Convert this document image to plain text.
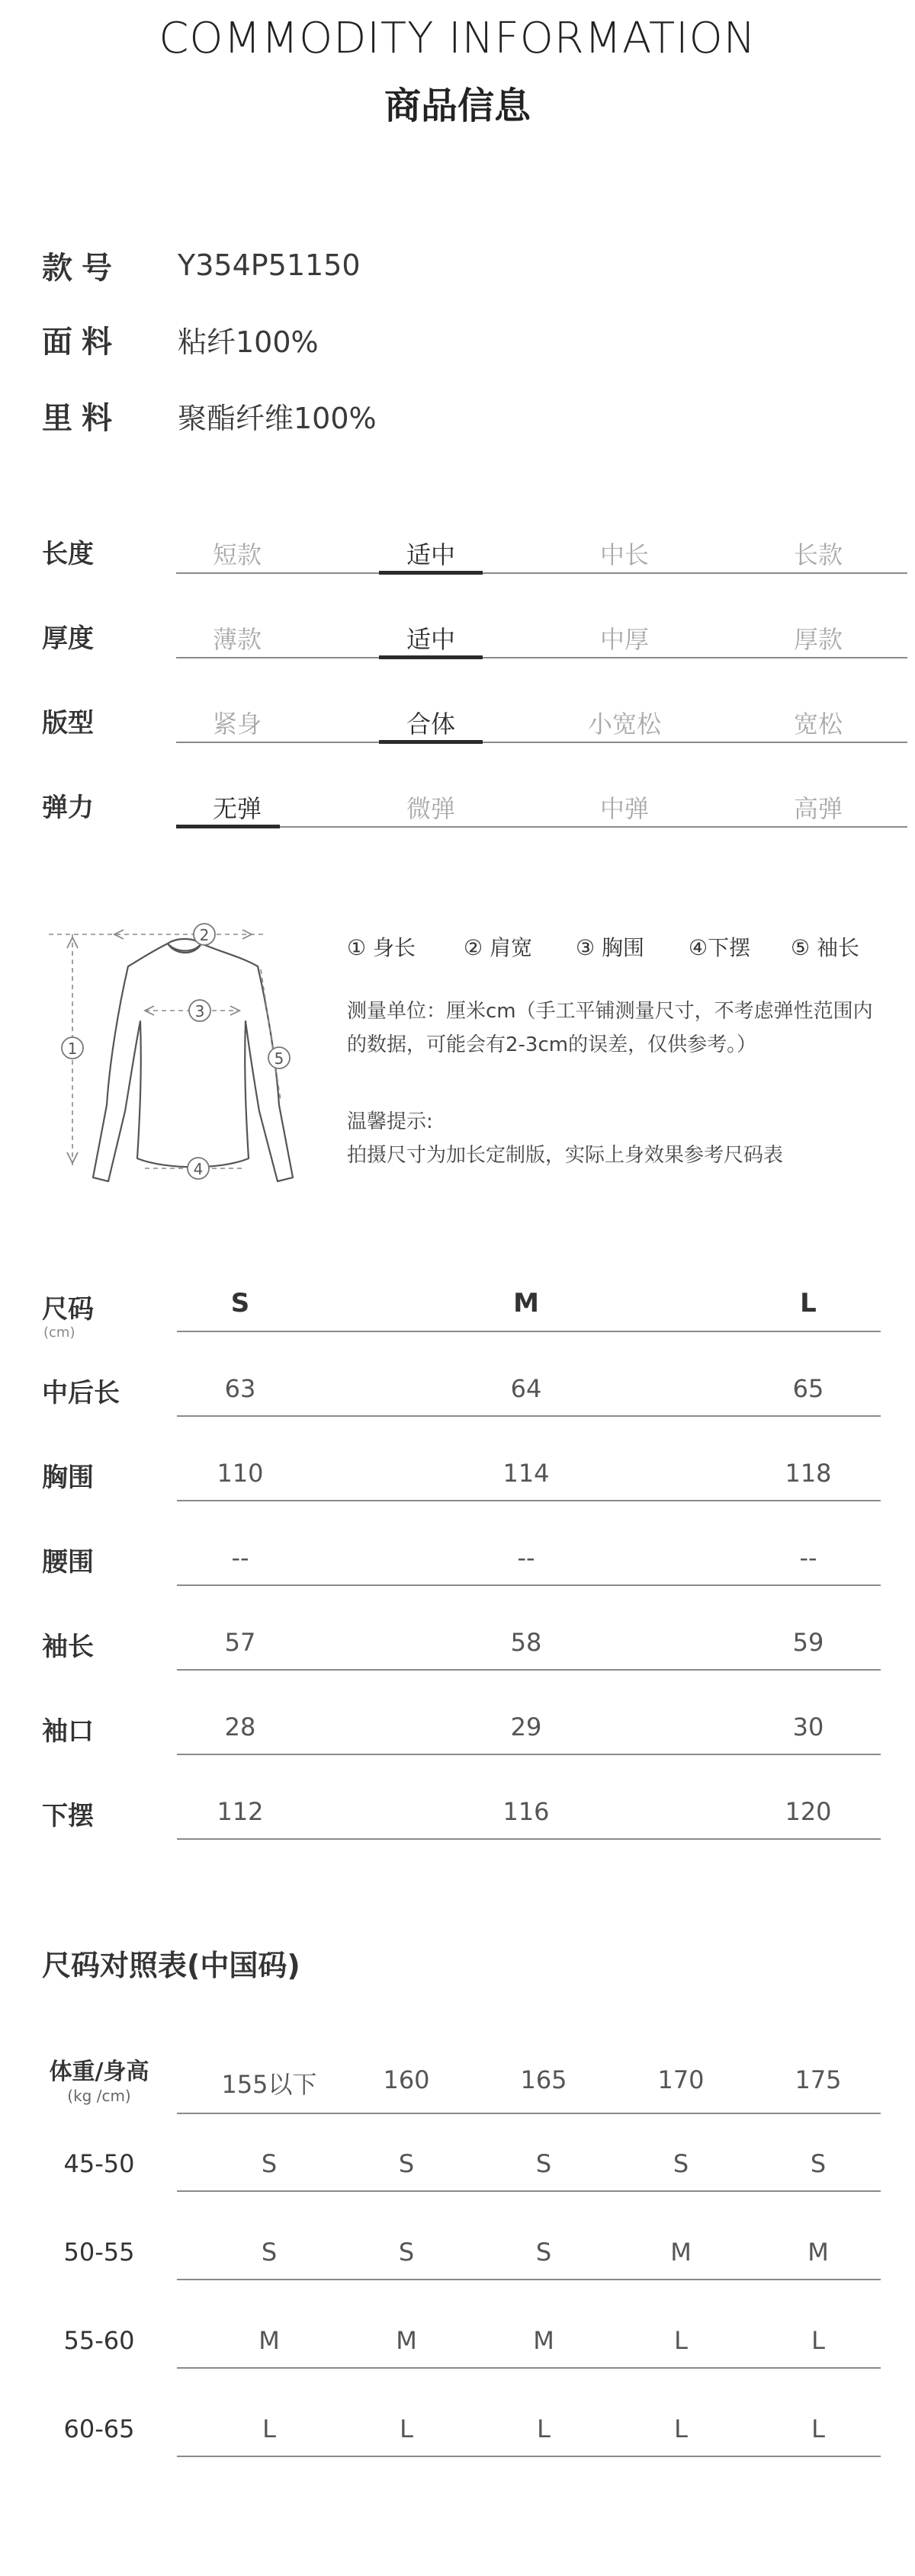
COMMODITY INFORMATION
商品信息
款号	Y354P51150
面料	粘纤100%
里料	聚酯纤维100%
长度	短款	适中	中长	长款
厚度	薄款	适中	中厚	厚款
版型	紧身	合体	小宽松	宽松
弹力	无弹	微弹	中弹	高弹
1
2
3
4
5
① 身长 ② 肩宽 ③ 胸围 ④下摆 ⑤ 袖长
测量单位：厘米cm（手工平铺测量尺寸，不考虑弹性范围内
的数据，可能会有2-3cm的误差，仅供参考。）
温馨提示:
拍摄尺寸为加长定制版，实际上身效果参考尺码表
尺码
(cm)
S	M	L
中后长	63	64	65
胸围	110	114	118
腰围	--	--	--
袖长	57	58	59
袖口	28	29	30
下摆	112	116	120
尺码对照表(中国码)
体重/身高
(kg /cm)	155以下	160	165	170	175
45-50	S	S	S	S	S
50-55	S	S	S	M	M
55-60	M	M	M	L	L
60-65	L	L	L	L	L
